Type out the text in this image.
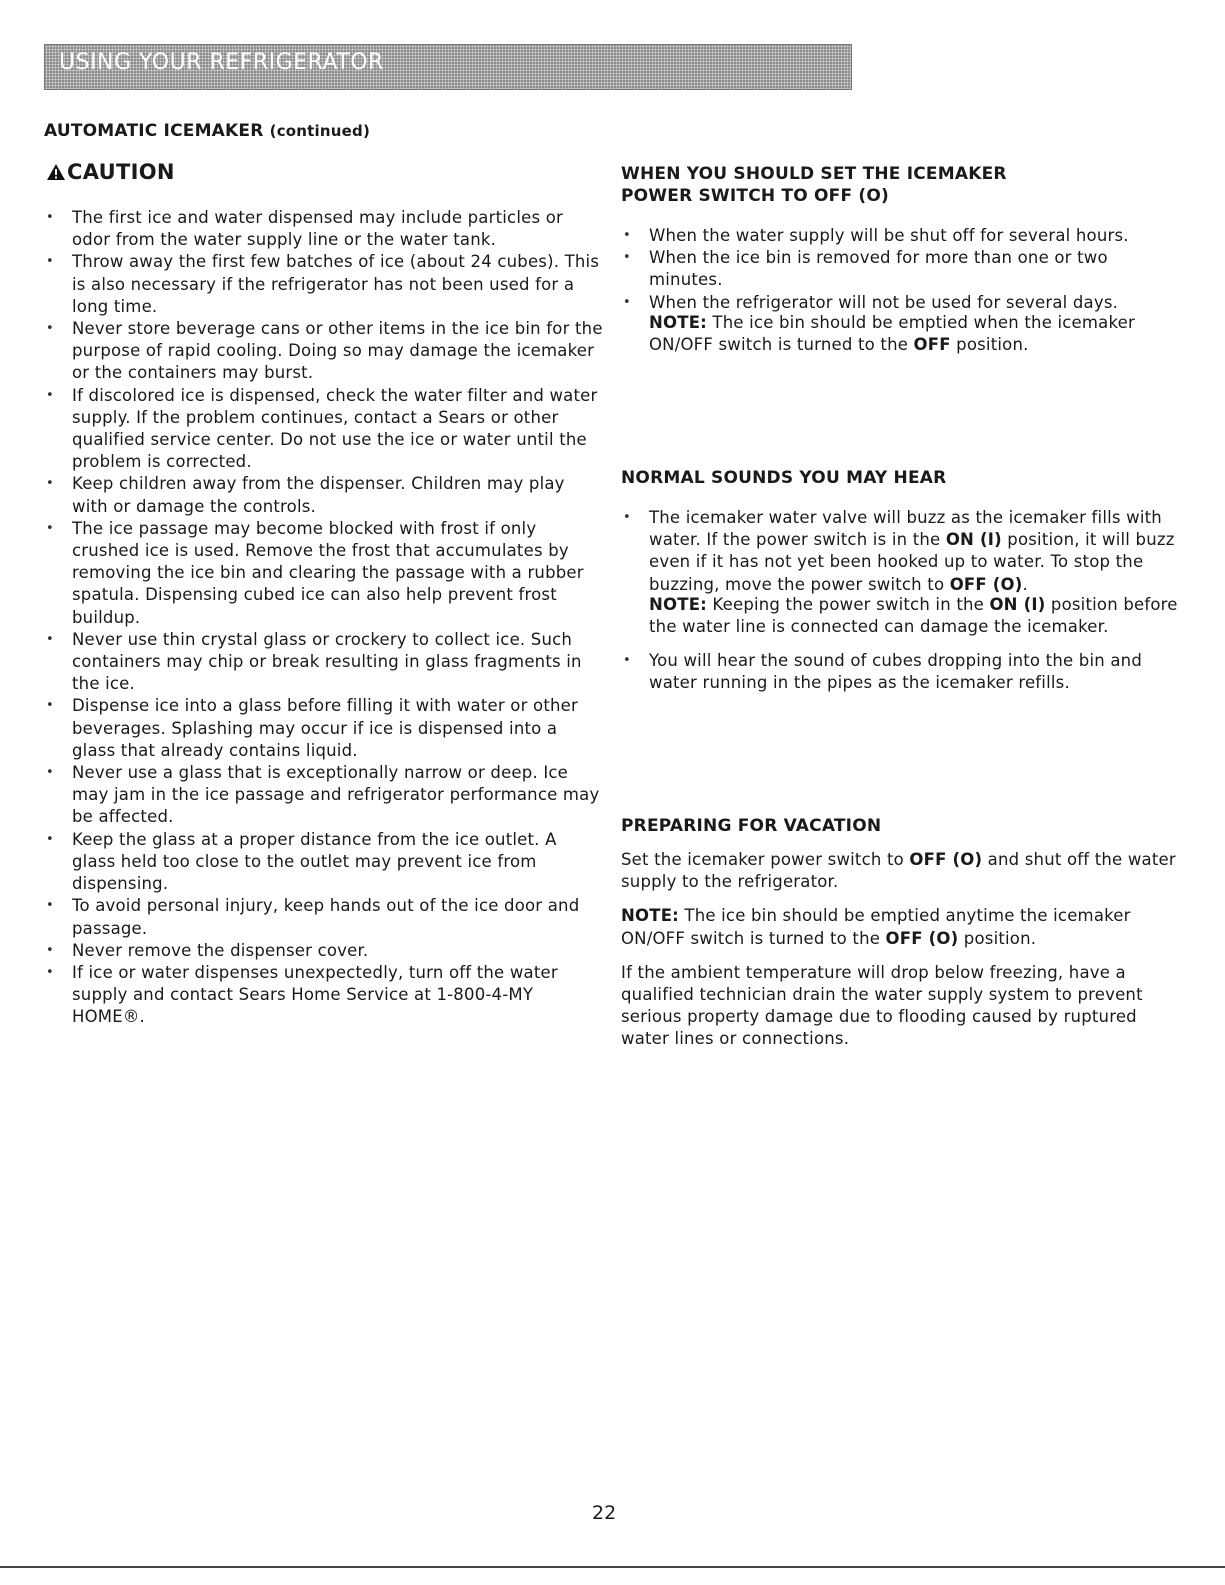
USING YOUR REFRIGERATOR
AUTOMATIC ICEMAKER (continued)
CAUTION
• The first ice and water dispensed may include particles or odor from the water supply line or the water tank.
• Throw away the first few batches of ice (about 24 cubes). This is also necessary if the refrigerator has not been used for a long time.
• Never store beverage cans or other items in the ice bin for the purpose of rapid cooling. Doing so may damage the icemaker or the containers may burst.
• If discolored ice is dispensed, check the water filter and water supply. If the problem continues, contact a Sears or other qualified service center. Do not use the ice or water until the problem is corrected.
• Keep children away from the dispenser. Children may play with or damage the controls.
• The ice passage may become blocked with frost if only crushed ice is used. Remove the frost that accumulates by removing the ice bin and clearing the passage with a rubber spatula. Dispensing cubed ice can also help prevent frost buildup.
• Never use thin crystal glass or crockery to collect ice. Such containers may chip or break resulting in glass fragments in the ice.
• Dispense ice into a glass before filling it with water or other beverages. Splashing may occur if ice is dispensed into a glass that already contains liquid.
• Never use a glass that is exceptionally narrow or deep. Ice may jam in the ice passage and refrigerator performance may be affected.
• Keep the glass at a proper distance from the ice outlet. A glass held too close to the outlet may prevent ice from dispensing.
• To avoid personal injury, keep hands out of the ice door and passage.
• Never remove the dispenser cover.
• If ice or water dispenses unexpectedly, turn off the water supply and contact Sears Home Service at 1-800-4-MY HOME®.
WHEN YOU SHOULD SET THE ICEMAKER
POWER SWITCH TO OFF (O)
• When the water supply will be shut off for several hours.
• When the ice bin is removed for more than one or two minutes.
• When the refrigerator will not be used for several days.

NOTE: The ice bin should be emptied when the icemaker ON/OFF switch is turned to the OFF position.

NORMAL SOUNDS YOU MAY HEAR
• The icemaker water valve will buzz as the icemaker fills with water. If the power switch is in the ON (I) position, it will buzz even if it has not yet been hooked up to water. To stop the buzzing, move the power switch to OFF (O).

NOTE: Keeping the power switch in the ON (I) position before the water line is connected can damage the icemaker.

• You will hear the sound of cubes dropping into the bin and water running in the pipes as the icemaker refills.
PREPARING FOR VACATION

Set the icemaker power switch to OFF (O) and shut off the water supply to the refrigerator.

NOTE: The ice bin should be emptied anytime the icemaker ON/OFF switch is turned to the OFF (O) position.

If the ambient temperature will drop below freezing, have a qualified technician drain the water supply system to prevent serious property damage due to flooding caused by ruptured water lines or connections.

22
